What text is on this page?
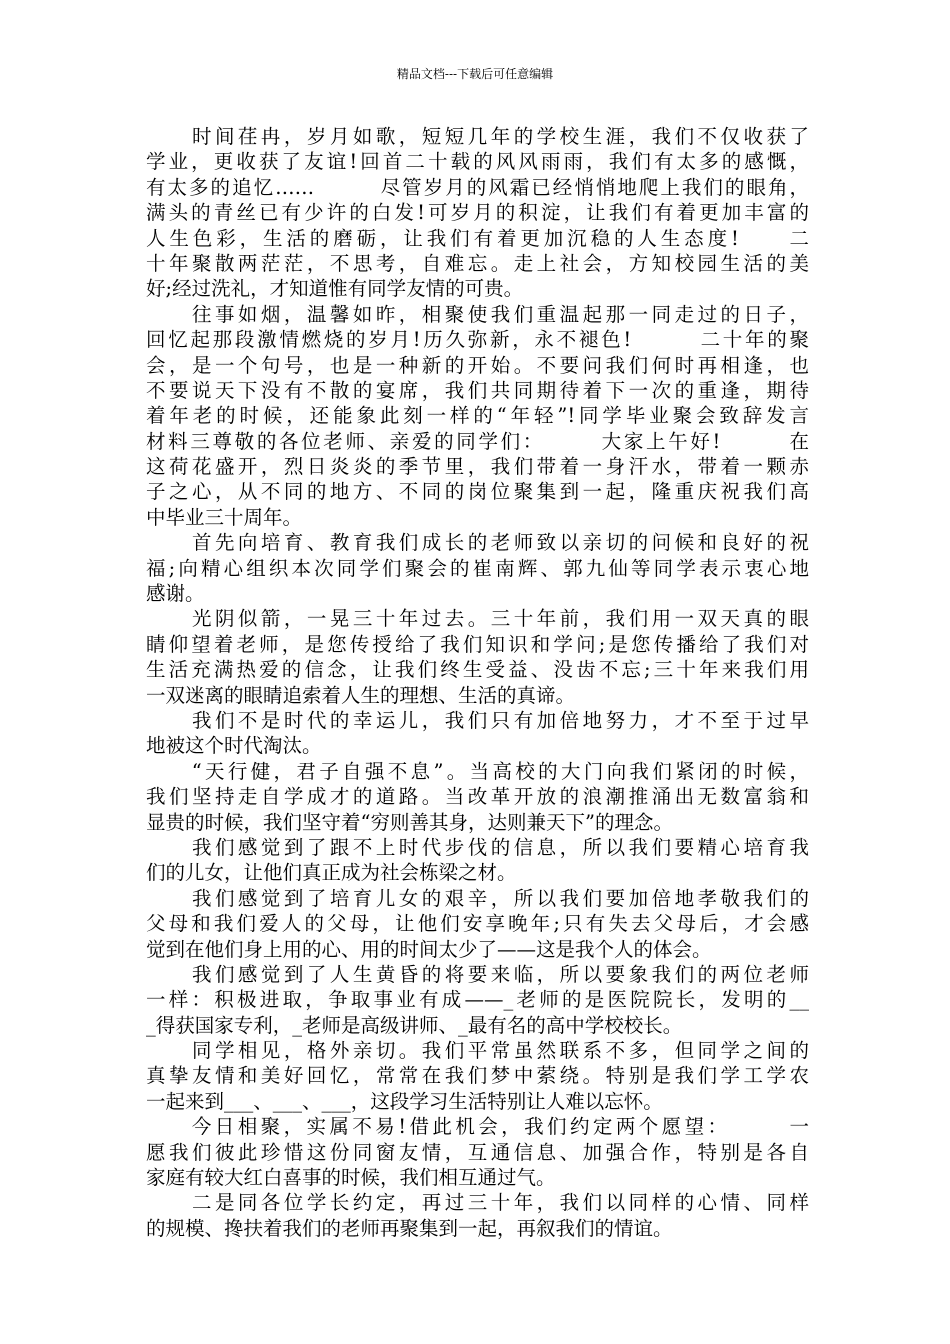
精品文档---下载后可任意编辑
　　时间荏冉，岁月如歌，短短几年的学校生涯，我们不仅收获了
学业，更收获了友谊!回首二十载的风风雨雨，我们有太多的感慨，
有太多的追忆……　　　尽管岁月的风霜已经悄悄地爬上我们的眼角，
满头的青丝已有少许的白发!可岁月的积淀，让我们有着更加丰富的
人生色彩，生活的磨砺，让我们有着更加沉稳的人生态度!　　二
十年聚散两茫茫，不思考，自难忘。走上社会，方知校园生活的美
好;经过洗礼，才知道惟有同学友情的可贵。
　　往事如烟，温馨如昨，相聚使我们重温起那一同走过的日子，
回忆起那段激情燃烧的岁月!历久弥新，永不褪色!　　　二十年的聚
会，是一个句号，也是一种新的开始。不要问我们何时再相逢，也
不要说天下没有不散的宴席，我们共同期待着下一次的重逢，期待
着年老的时候，还能象此刻一样的“年轻”!同学毕业聚会致辞发言
材料三尊敬的各位老师、亲爱的同学们：　　　大家上午好!　　　在
这荷花盛开，烈日炎炎的季节里，我们带着一身汗水，带着一颗赤
子之心，从不同的地方、不同的岗位聚集到一起，隆重庆祝我们高
中毕业三十周年。
　　首先向培育、教育我们成长的老师致以亲切的问候和良好的祝
福;向精心组织本次同学们聚会的崔南辉、郭九仙等同学表示衷心地
感谢。
　　光阴似箭，一晃三十年过去。三十年前，我们用一双天真的眼
睛仰望着老师，是您传授给了我们知识和学问;是您传播给了我们对
生活充满热爱的信念，让我们终生受益、没齿不忘;三十年来我们用
一双迷离的眼睛追索着人生的理想、生活的真谛。
　　我们不是时代的幸运儿，我们只有加倍地努力，才不至于过早
地被这个时代淘汰。
　　“天行健，君子自强不息”。当高校的大门向我们紧闭的时候，
我们坚持走自学成才的道路。当改革开放的浪潮推涌出无数富翁和
显贵的时候，我们坚守着“穷则善其身，达则兼天下”的理念。
　　我们感觉到了跟不上时代步伐的信息，所以我们要精心培育我
们的儿女，让他们真正成为社会栋梁之材。
　　我们感觉到了培育儿女的艰辛，所以我们要加倍地孝敬我们的
父母和我们爱人的父母，让他们安享晚年;只有失去父母后，才会感
觉到在他们身上用的心、用的时间太少了——这是我个人的体会。
　　我们感觉到了人生黄昏的将要来临，所以要象我们的两位老师
一样：积极进取，争取事业有成——_老师的是医院院长，发明的__
_得获国家专利，_老师是高级讲师、_最有名的高中学校校长。
　　同学相见，格外亲切。我们平常虽然联系不多，但同学之间的
真挚友情和美好回忆，常常在我们梦中萦绕。特别是我们学工学农
一起来到___、___、___，这段学习生活特别让人难以忘怀。
　　今日相聚，实属不易!借此机会，我们约定两个愿望：　　　一
愿我们彼此珍惜这份同窗友情，互通信息、加强合作，特别是各自
家庭有较大红白喜事的时候，我们相互通过气。
　　二是同各位学长约定，再过三十年，我们以同样的心情、同样
的规模、搀扶着我们的老师再聚集到一起，再叙我们的情谊。
